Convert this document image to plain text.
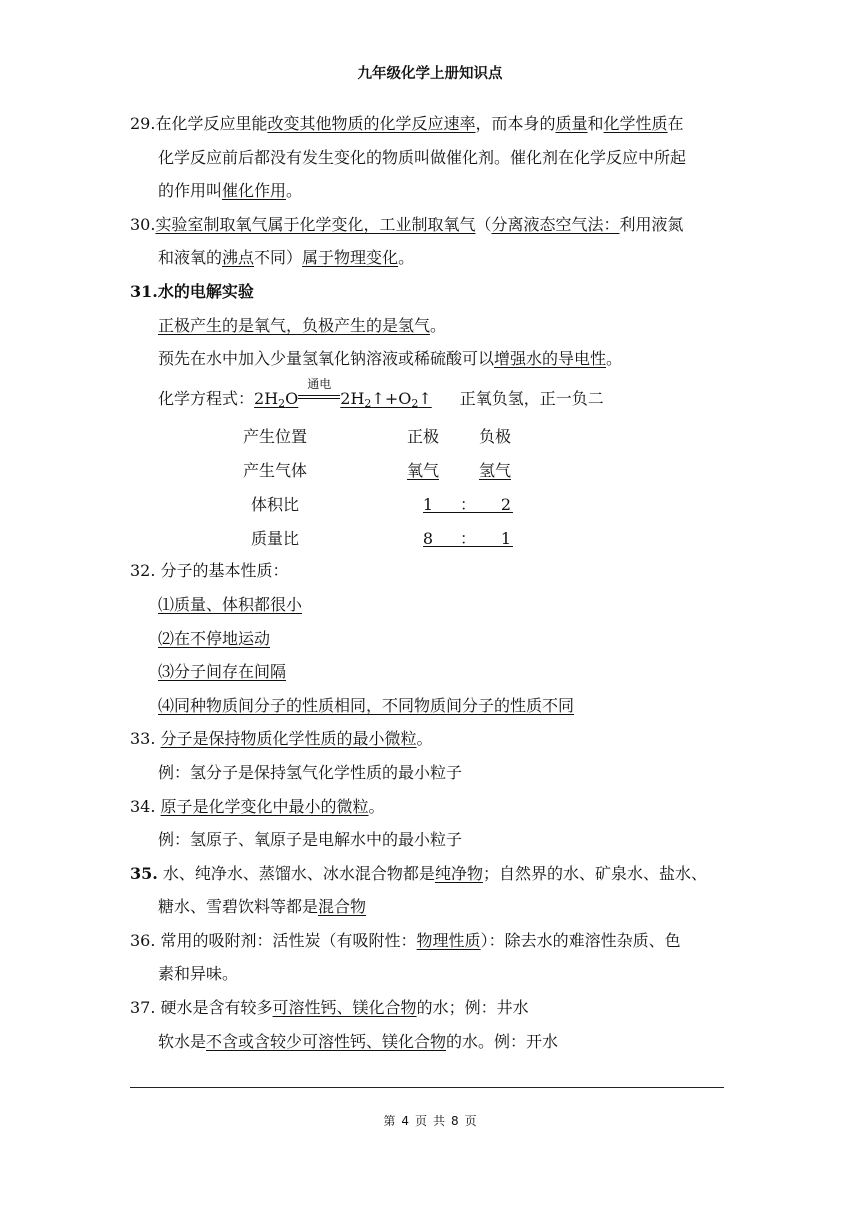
九年级化学上册知识点
29.在化学反应里能改变其他物质的化学反应速率，而本身的质量和化学性质在
化学反应前后都没有发生变化的物质叫做催化剂。催化剂在化学反应中所起
的作用叫催化作用。
30.实验室制取氧气属于化学变化，工业制取氧气（分离液态空气法：利用液氮
和液氧的沸点不同）属于物理变化。
31.水的电解实验
正极产生的是氧气，负极产生的是氢气。
预先在水中加入少量氢氧化钠溶液或稀硫酸可以增强水的导电性。
化学方程式：2H2O
通电
2H2↑+O2↑ 正氧负氢，正一负二
产生位置	正极	负极
产生气体	氧气	氢气
体积比	1	：	2
质量比	8	：	1
32. 分子的基本性质：
⑴质量、体积都很小
⑵在不停地运动
⑶分子间存在间隔
⑷同种物质间分子的性质相同，不同物质间分子的性质不同
33. 分子是保持物质化学性质的最小微粒。
例：氢分子是保持氢气化学性质的最小粒子
34. 原子是化学变化中最小的微粒。
例：氢原子、氧原子是电解水中的最小粒子
35. 水、纯净水、蒸馏水、冰水混合物都是纯净物；自然界的水、矿泉水、盐水、
糖水、雪碧饮料等都是混合物
36. 常用的吸附剂：活性炭（有吸附性：物理性质）：除去水的难溶性杂质、色
素和异味。
37. 硬水是含有较多可溶性钙、镁化合物的水；例：井水
软水是不含或含较少可溶性钙、镁化合物的水。例：开水
第 4 页 共 8 页
